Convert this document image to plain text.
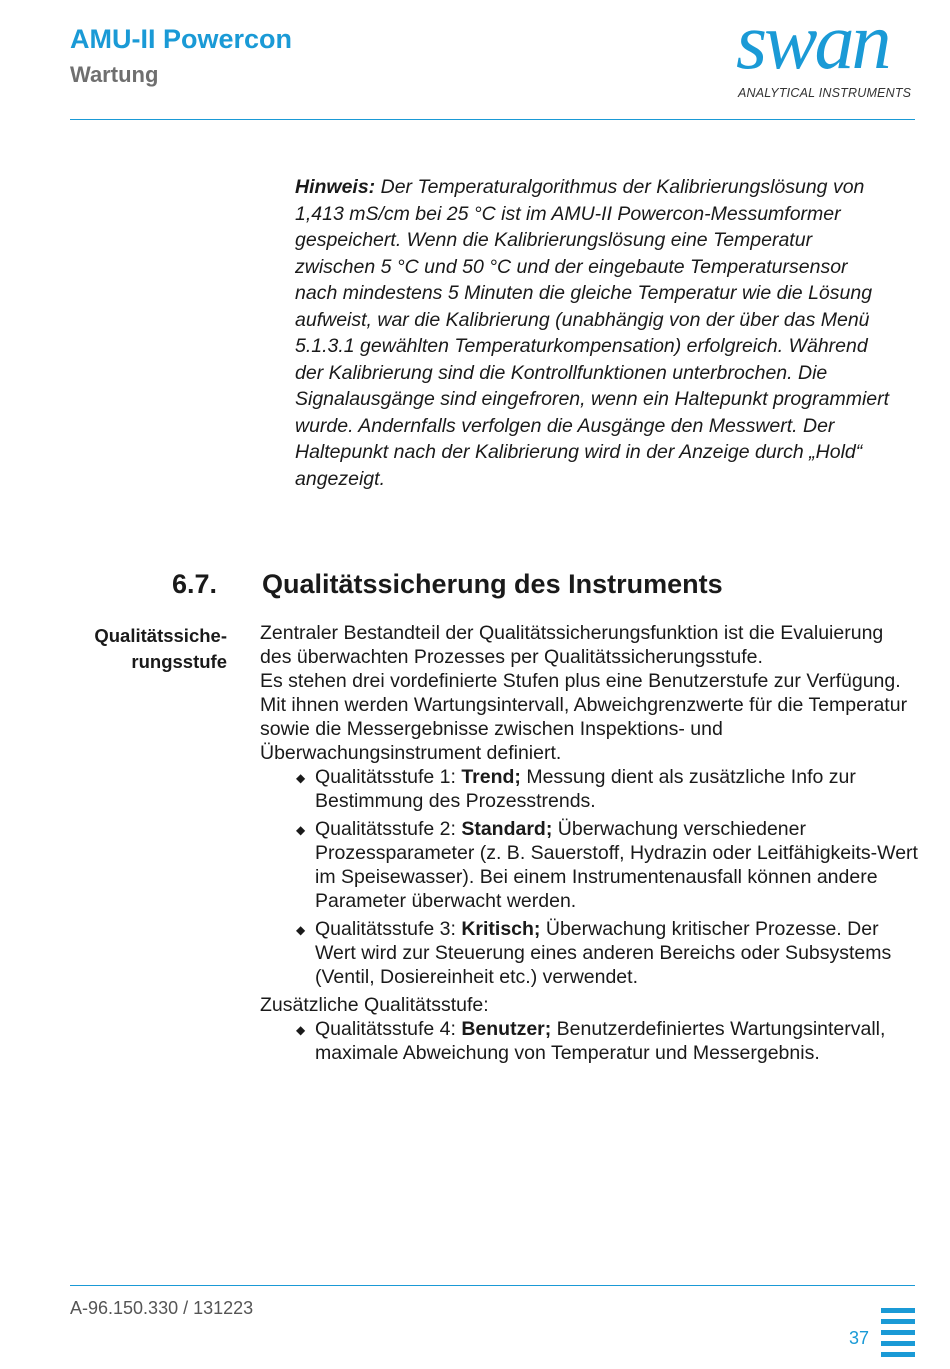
AMU-II Powercon
Wartung	swan
ANALYTICAL INSTRUMENTS
Hinweis: Der Temperaturalgorithmus der Kalibrierungslösung von 1,413 mS/cm bei 25 °C ist im AMU-II Powercon-Messumformer gespeichert. Wenn die Kalibrierungslösung eine Temperatur zwischen 5 °C und 50 °C und der eingebaute Temperatursensor nach mindestens 5 Minuten die gleiche Temperatur wie die Lösung aufweist, war die Kalibrierung (unabhängig von der über das Menü 5.1.3.1 gewählten Temperaturkompensation) erfolgreich. Während der Kalibrierung sind die Kontrollfunktionen unterbrochen. Die Signalausgänge sind eingefroren, wenn ein Haltepunkt programmiert wurde. Andernfalls verfolgen die Ausgänge den Messwert. Der Haltepunkt nach der Kalibrierung wird in der Anzeige durch „Hold“ angezeigt.
6.7. Qualitätssicherung des Instruments
Qualitätssicherungsstufe

Zentraler Bestandteil der Qualitätssicherungsfunktion ist die Evaluierung des überwachten Prozesses per Qualitätssicherungsstufe.

Es stehen drei vordefinierte Stufen plus eine Benutzerstufe zur Verfügung. Mit ihnen werden Wartungsintervall, Abweichgrenzwerte für die Temperatur sowie die Messergebnisse zwischen Inspektions- und Überwachungsinstrument definiert.

◆ Qualitätsstufe 1: Trend; Messung dient als zusätzliche Info zur Bestimmung des Prozesstrends.
◆ Qualitätsstufe 2: Standard; Überwachung verschiedener Prozessparameter (z. B. Sauerstoff, Hydrazin oder Leitfähigkeits-Wert im Speisewasser). Bei einem Instrumentenausfall können andere Parameter überwacht werden.
◆ Qualitätsstufe 3: Kritisch; Überwachung kritischer Prozesse. Der Wert wird zur Steuerung eines anderen Bereichs oder Subsystems (Ventil, Dosiereinheit etc.) verwendet.

Zusätzliche Qualitätsstufe:

◆ Qualitätsstufe 4: Benutzer; Benutzerdefiniertes Wartungsintervall, maximale Abweichung von Temperatur und Messergebnis.
A-96.150.330 / 131223
37
